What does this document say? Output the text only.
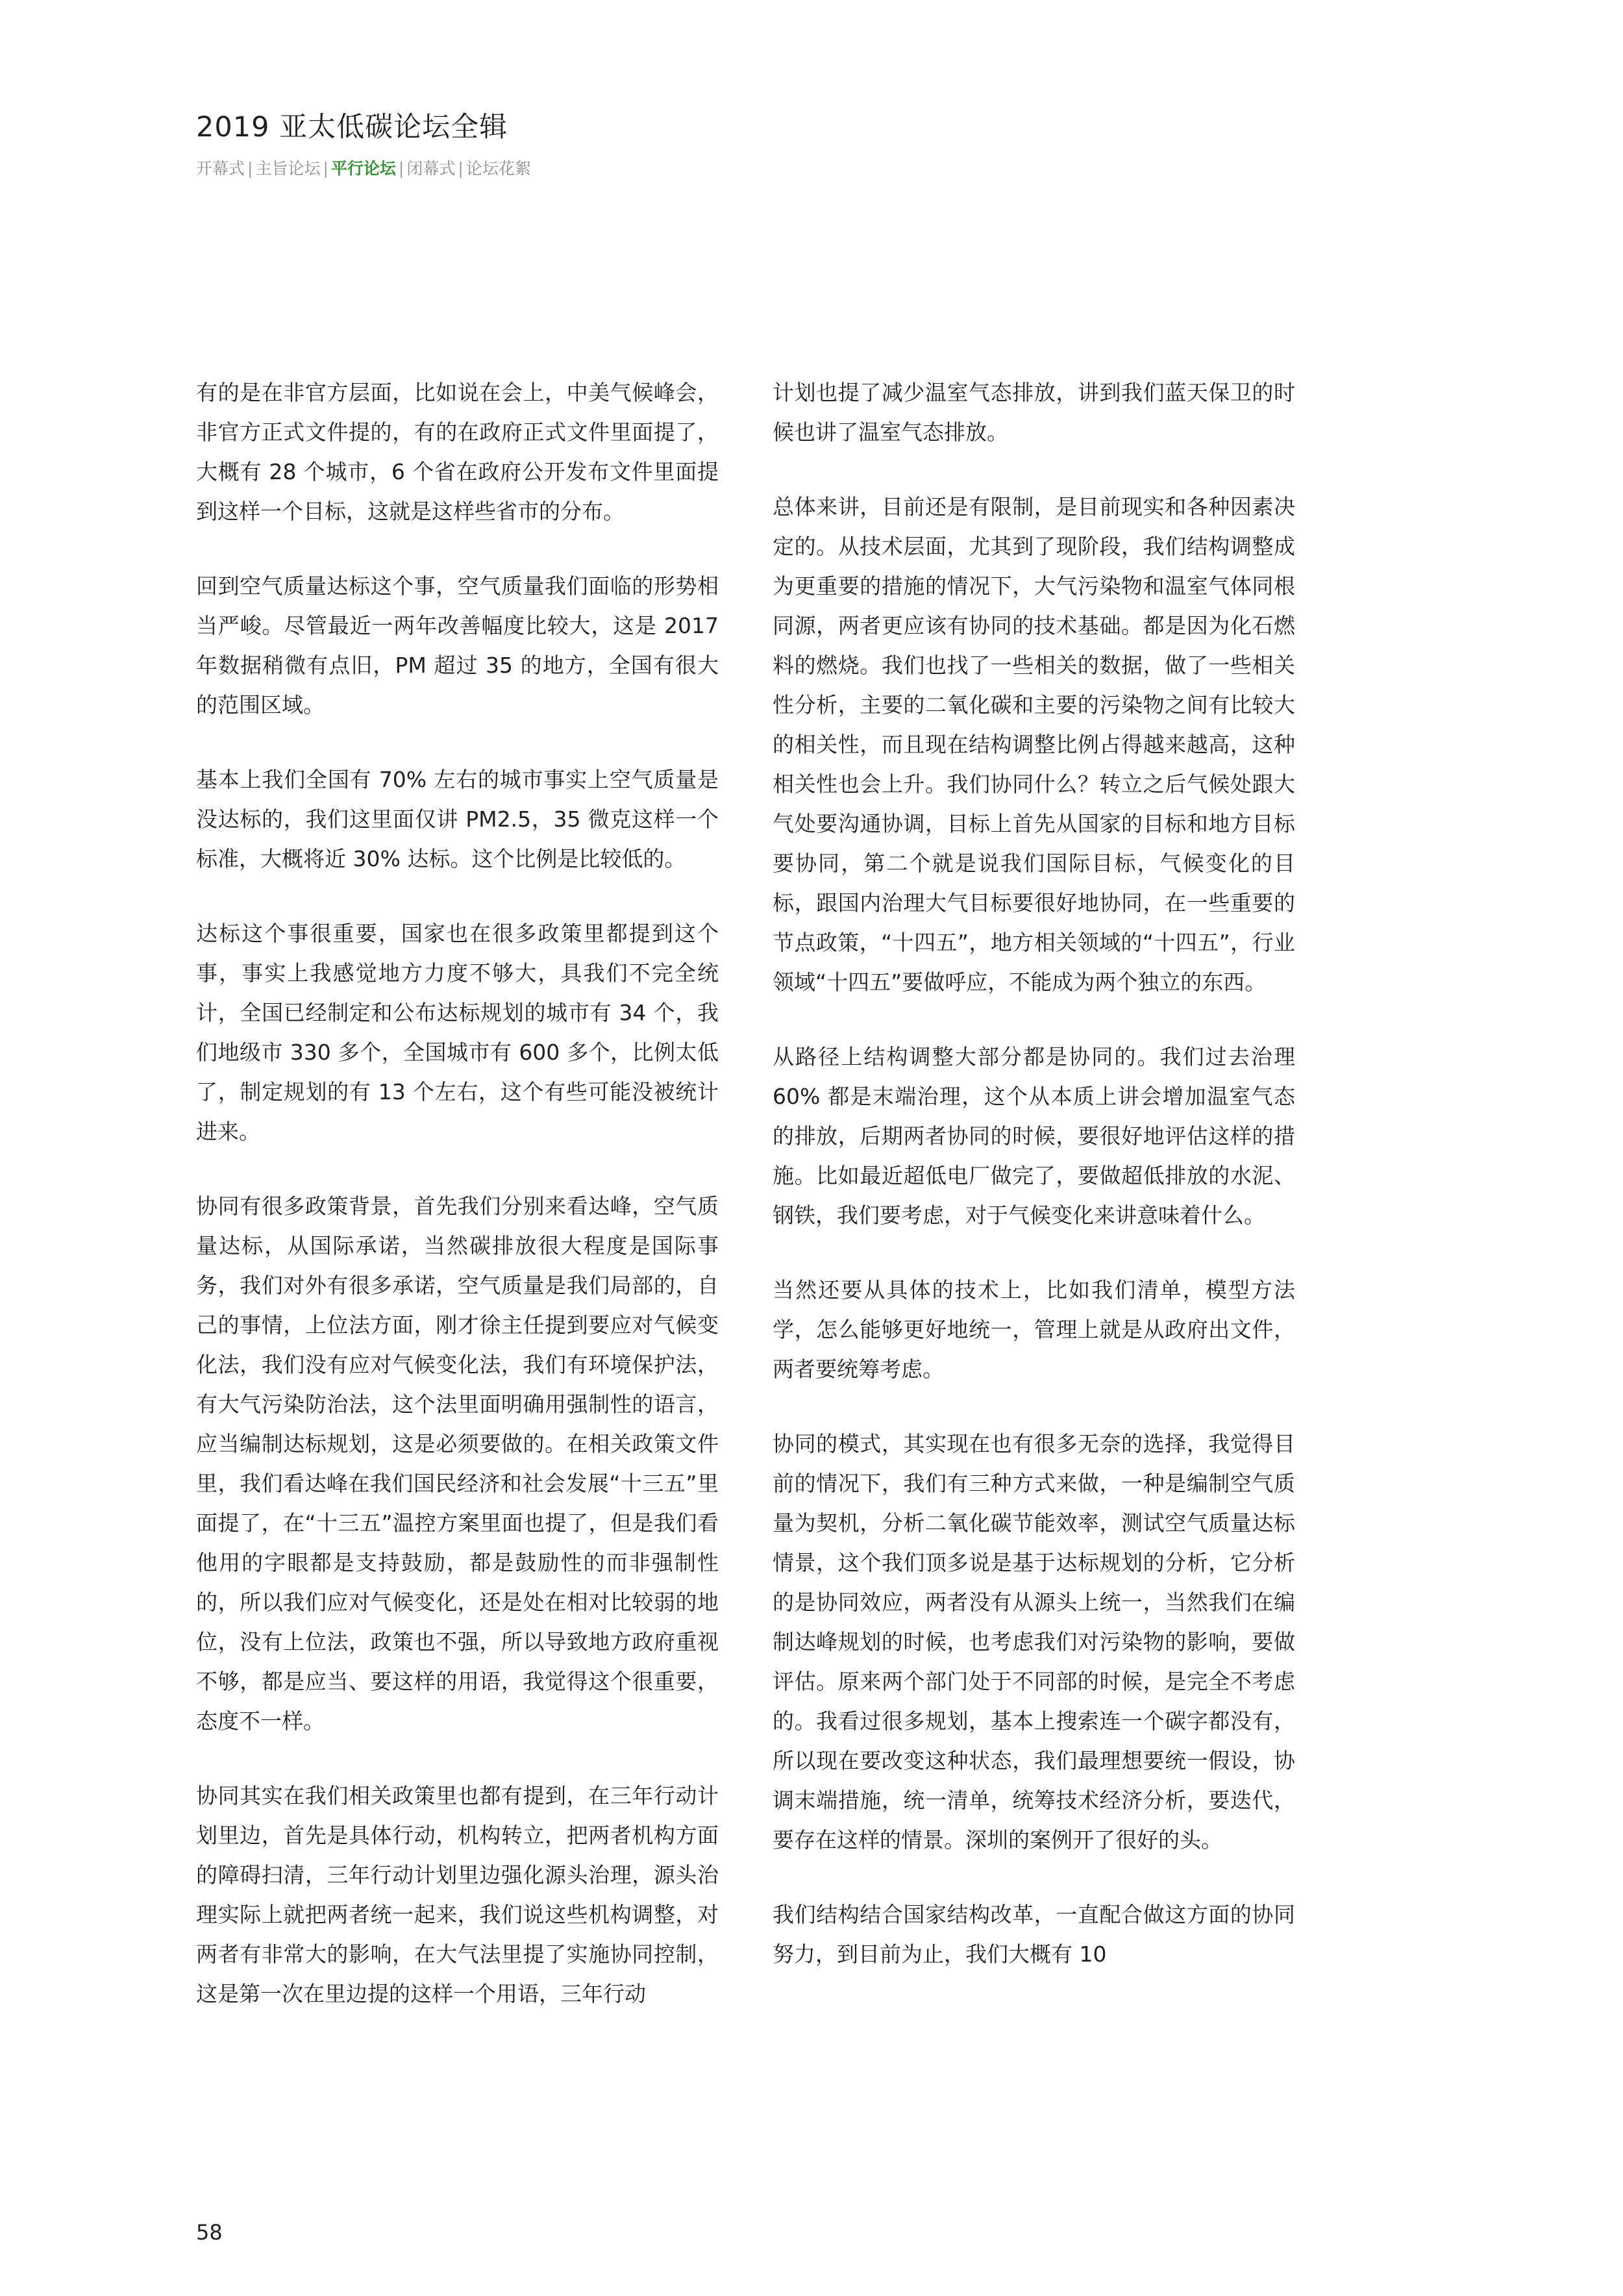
2019 亚太低碳论坛全辑
开幕式 | 主旨论坛 | 平行论坛 | 闭幕式 | 论坛花絮

有的是在非官方层面，比如说在会上，中美气候峰会，非官方正式文件提的，有的在政府正式文件里面提了，大概有 28 个城市，6 个省在政府公开发布文件里面提到这样一个目标，这就是这样些省市的分布。

回到空气质量达标这个事，空气质量我们面临的形势相当严峻。尽管最近一两年改善幅度比较大，这是 2017 年数据稍微有点旧，PM 超过 35 的地方，全国有很大的范围区域。

基本上我们全国有 70% 左右的城市事实上空气质量是没达标的，我们这里面仅讲 PM2.5，35 微克这样一个标准，大概将近 30% 达标。这个比例是比较低的。

达标这个事很重要，国家也在很多政策里都提到这个事，事实上我感觉地方力度不够大，具我们不完全统计，全国已经制定和公布达标规划的城市有 34 个，我们地级市 330 多个，全国城市有 600 多个，比例太低了，制定规划的有 13 个左右，这个有些可能没被统计进来。

协同有很多政策背景，首先我们分别来看达峰，空气质量达标，从国际承诺，当然碳排放很大程度是国际事务，我们对外有很多承诺，空气质量是我们局部的，自己的事情，上位法方面，刚才徐主任提到要应对气候变化法，我们没有应对气候变化法，我们有环境保护法，有大气污染防治法，这个法里面明确用强制性的语言，应当编制达标规划，这是必须要做的。在相关政策文件里，我们看达峰在我们国民经济和社会发展“十三五”里面提了，在“十三五”温控方案里面也提了，但是我们看他用的字眼都是支持鼓励，都是鼓励性的而非强制性的，所以我们应对气候变化，还是处在相对比较弱的地位，没有上位法，政策也不强，所以导致地方政府重视不够，都是应当、要这样的用语，我觉得这个很重要，态度不一样。

协同其实在我们相关政策里也都有提到，在三年行动计划里边，首先是具体行动，机构转立，把两者机构方面的障碍扫清，三年行动计划里边强化源头治理，源头治理实际上就把两者统一起来，我们说这些机构调整，对两者有非常大的影响，在大气法里提了实施协同控制，这是第一次在里边提的这样一个用语，三年行动

计划也提了减少温室气态排放，讲到我们蓝天保卫的时候也讲了温室气态排放。

总体来讲，目前还是有限制，是目前现实和各种因素决定的。从技术层面，尤其到了现阶段，我们结构调整成为更重要的措施的情况下，大气污染物和温室气体同根同源，两者更应该有协同的技术基础。都是因为化石燃料的燃烧。我们也找了一些相关的数据，做了一些相关性分析，主要的二氧化碳和主要的污染物之间有比较大的相关性，而且现在结构调整比例占得越来越高，这种相关性也会上升。我们协同什么？转立之后气候处跟大气处要沟通协调，目标上首先从国家的目标和地方目标要协同，第二个就是说我们国际目标，气候变化的目标，跟国内治理大气目标要很好地协同，在一些重要的节点政策，“十四五”，地方相关领域的“十四五”，行业领域“十四五”要做呼应，不能成为两个独立的东西。

从路径上结构调整大部分都是协同的。我们过去治理 60% 都是末端治理，这个从本质上讲会增加温室气态的排放，后期两者协同的时候，要很好地评估这样的措施。比如最近超低电厂做完了，要做超低排放的水泥、钢铁，我们要考虑，对于气候变化来讲意味着什么。

当然还要从具体的技术上，比如我们清单，模型方法学，怎么能够更好地统一，管理上就是从政府出文件，两者要统筹考虑。

协同的模式，其实现在也有很多无奈的选择，我觉得目前的情况下，我们有三种方式来做，一种是编制空气质量为契机，分析二氧化碳节能效率，测试空气质量达标情景，这个我们顶多说是基于达标规划的分析，它分析的是协同效应，两者没有从源头上统一，当然我们在编制达峰规划的时候，也考虑我们对污染物的影响，要做评估。原来两个部门处于不同部的时候，是完全不考虑的。我看过很多规划，基本上搜索连一个碳字都没有，所以现在要改变这种状态，我们最理想要统一假设，协调末端措施，统一清单，统筹技术经济分析，要迭代，要存在这样的情景。深圳的案例开了很好的头。

我们结构结合国家结构改革，一直配合做这方面的协同努力，到目前为止，我们大概有 10

58
